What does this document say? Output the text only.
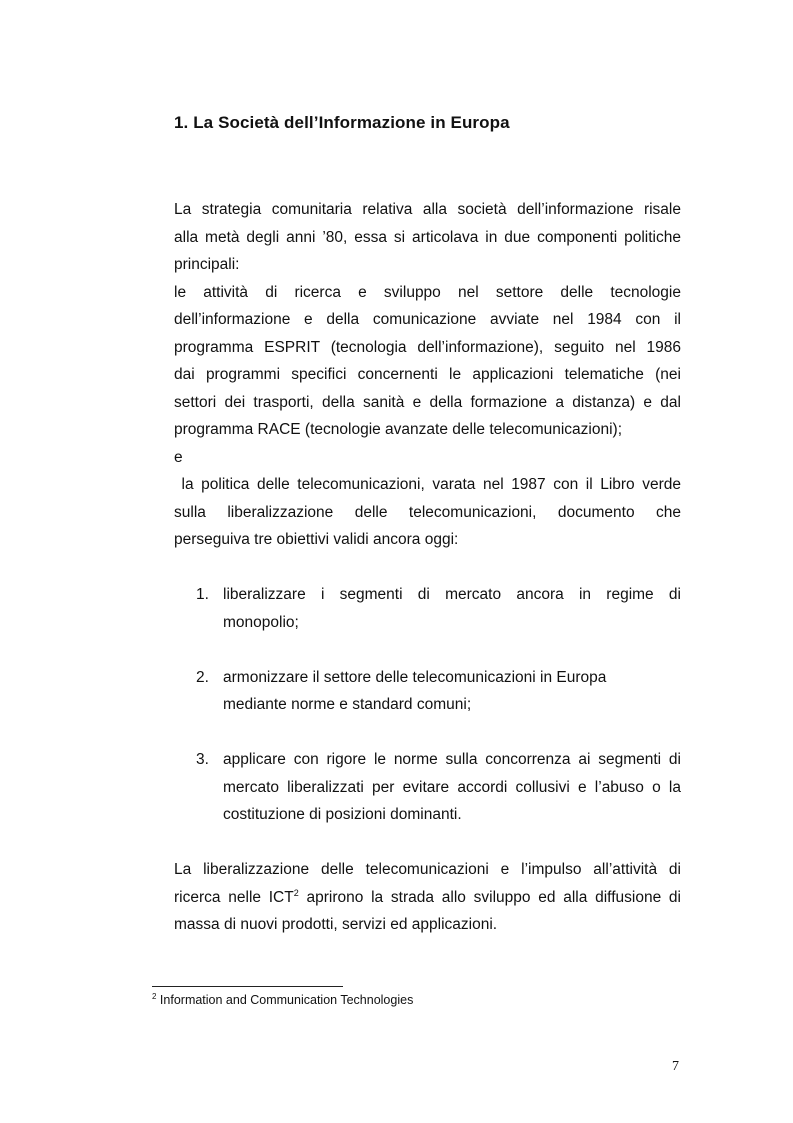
1. La Società dell’Informazione in Europa
La strategia comunitaria relativa alla società dell’informazione risale
alla metà degli anni ’80, essa si articolava in due componenti politiche
principali:
le attività di ricerca e sviluppo nel settore delle tecnologie
dell’informazione e della comunicazione avviate nel 1984 con il
programma ESPRIT (tecnologia dell’informazione), seguito nel 1986
dai programmi specifici concernenti le applicazioni telematiche (nei
settori dei trasporti, della sanità e della formazione a distanza) e dal
programma RACE (tecnologie avanzate delle telecomunicazioni);
e
la politica delle telecomunicazioni, varata nel 1987 con il Libro verde
sulla liberalizzazione delle telecomunicazioni, documento che
perseguiva tre obiettivi validi ancora oggi:
1. liberalizzare i segmenti di mercato ancora in regime di
monopolio;
2. armonizzare il settore delle telecomunicazioni in Europa
mediante norme e standard comuni;
3. applicare con rigore le norme sulla concorrenza ai segmenti di
mercato liberalizzati per evitare accordi collusivi e l’abuso o la
costituzione di posizioni dominanti.
La liberalizzazione delle telecomunicazioni e l’impulso all’attività di
ricerca nelle ICT$^2$ aprirono la strada allo sviluppo ed alla diffusione di
massa di nuovi prodotti, servizi ed applicazioni.
$^2$ Information and Communication Technologies
7
